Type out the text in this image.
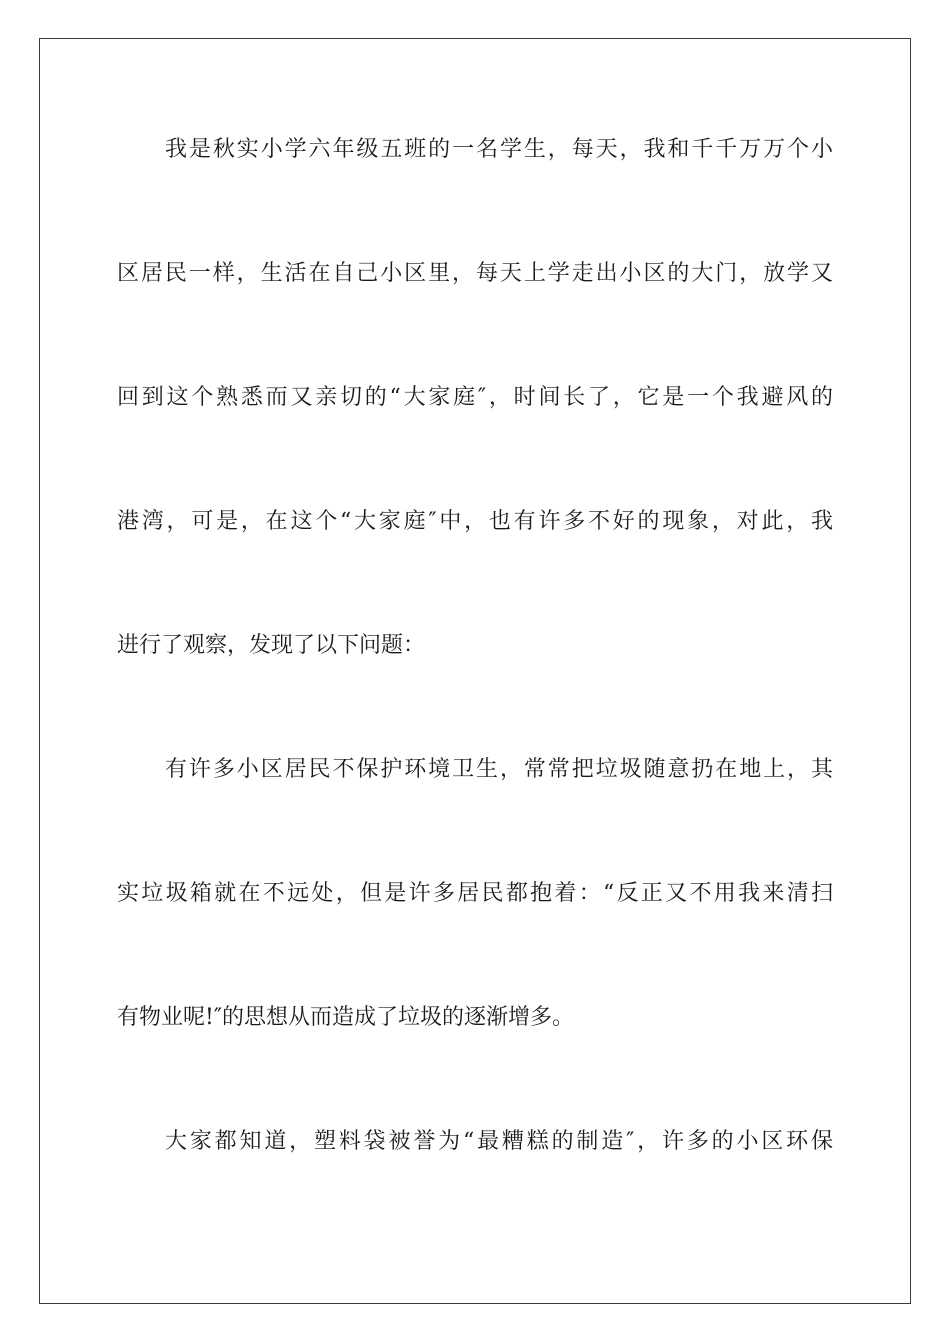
我是秋实小学六年级五班的一名学生，每天，我和千千万万个小
区居民一样，生活在自己小区里，每天上学走出小区的大门，放学又
回到这个熟悉而又亲切的“大家庭″，时间长了，它是一个我避风的
港湾，可是，在这个“大家庭″中，也有许多不好的现象，对此，我
进行了观察，发现了以下问题：
有许多小区居民不保护环境卫生，常常把垃圾随意扔在地上，其
实垃圾箱就在不远处，但是许多居民都抱着：“反正又不用我来清扫
有物业呢!″的思想从而造成了垃圾的逐渐增多。
大家都知道，塑料袋被誉为“最糟糕的制造″，许多的小区环保
